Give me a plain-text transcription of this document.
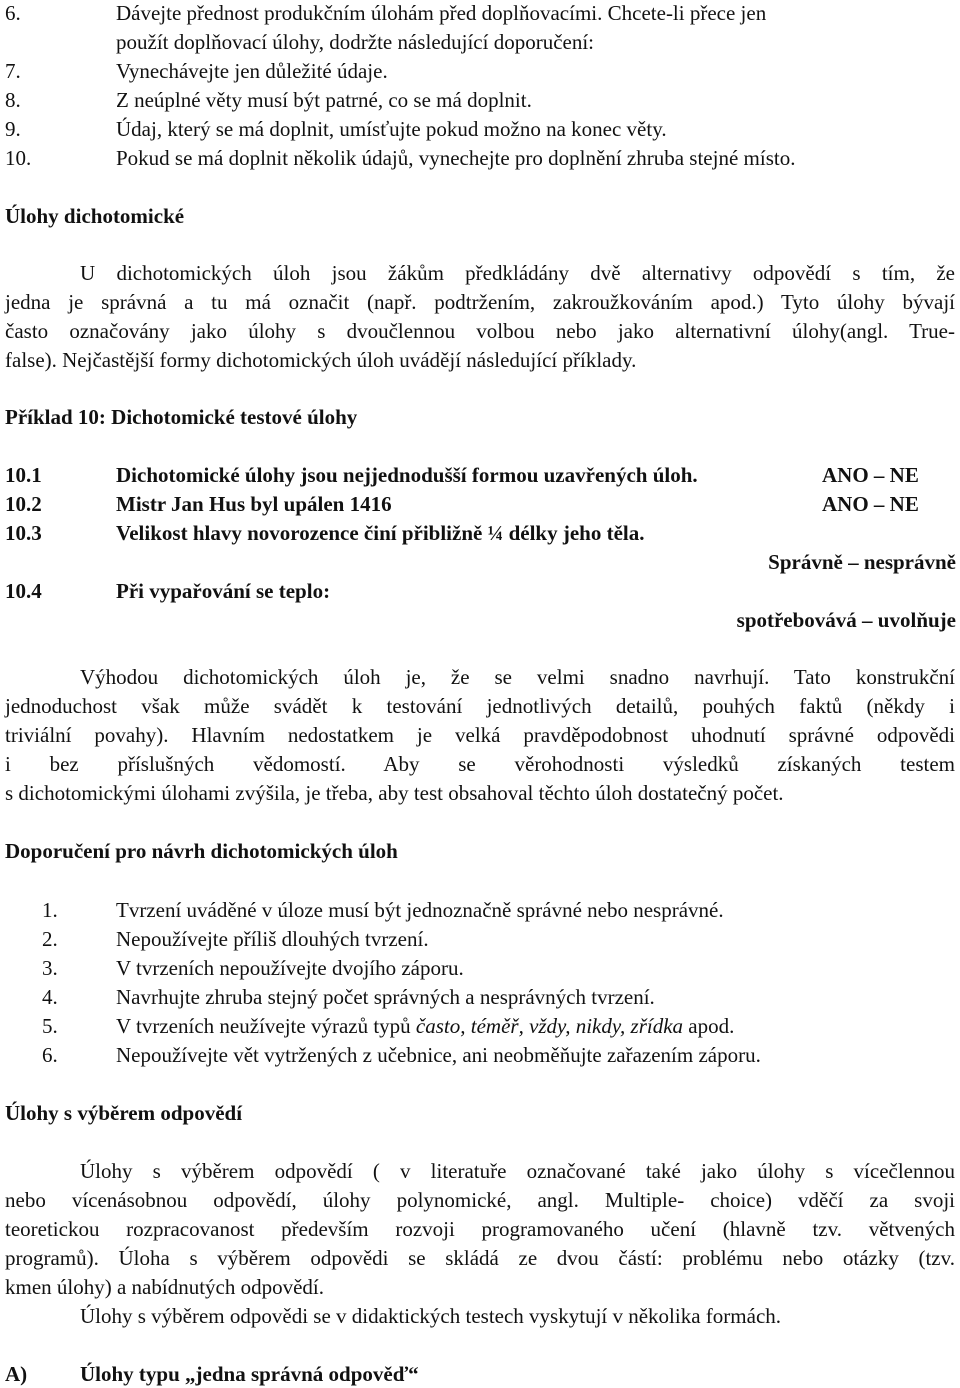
6.	Dávejte přednost produkčním úlohám před doplňovacími. Chcete-li přece jen
použít doplňovací úlohy, dodržte následující doporučení:
7.	Vynechávejte jen důležité údaje.
8.	Z neúplné věty musí být patrné, co se má doplnit.
9.	Údaj, který se má doplnit, umísťujte pokud možno na konec věty.
10.	Pokud se má doplnit několik údajů, vynechejte pro doplnění zhruba stejné místo.
Úlohy dichotomické
U dichotomických úloh jsou žákům předkládány dvě alternativy odpovědí s tím, že
jedna je správná a tu má označit (např. podtržením, zakroužkováním apod.) Tyto úlohy bývají
často označovány jako úlohy s dvoučlennou volbou nebo jako alternativní úlohy(angl. True-
false). Nejčastější formy dichotomických úloh uvádějí následující příklady.
Příklad 10: Dichotomické testové úlohy
10.1	Dichotomické úlohy jsou nejjednodušší formou uzavřených úloh.	ANO – NE
10.2	Mistr Jan Hus byl upálen 1416	ANO – NE
10.3	Velikost hlavy novorozence činí přibližně ¼ délky jeho těla.
Správně – nesprávně
10.4	Při vypařování se teplo:
spotřebovává – uvolňuje
Výhodou dichotomických úloh je, že se velmi snadno navrhují. Tato konstrukční
jednoduchost však může svádět k testování jednotlivých detailů, pouhých faktů (někdy i
triviální povahy). Hlavním nedostatkem je velká pravděpodobnost uhodnutí správné odpovědi
i bez příslušných vědomostí. Aby se věrohodnosti výsledků získaných testem
s dichotomickými úlohami zvýšila, je třeba, aby test obsahoval těchto úloh dostatečný počet.
Doporučení pro návrh dichotomických úloh
1.	Tvrzení uváděné v úloze musí být jednoznačně správné nebo nesprávné.
2.	Nepoužívejte příliš dlouhých tvrzení.
3.	V tvrzeních nepoužívejte dvojího záporu.
4.	Navrhujte zhruba stejný počet správných a nesprávných tvrzení.
5.	V tvrzeních neužívejte výrazů typů často, téměř, vždy, nikdy, zřídka apod.
6.	Nepoužívejte vět vytržených z učebnice, ani neobměňujte zařazením záporu.
Úlohy s výběrem odpovědí
Úlohy s výběrem odpovědí ( v literatuře označované také jako úlohy s vícečlennou
nebo vícenásobnou odpovědí, úlohy polynomické, angl. Multiple- choice) vděčí za svoji
teoretickou rozpracovanost především rozvoji programovaného učení (hlavně tzv. větvených
programů). Úloha s výběrem odpovědi se skládá ze dvou částí: problému nebo otázky (tzv.
kmen úlohy) a nabídnutých odpovědí.
Úlohy s výběrem odpovědi se v didaktických testech vyskytují v několika formách.
A)	Úlohy typu „jedna správná odpověď“
